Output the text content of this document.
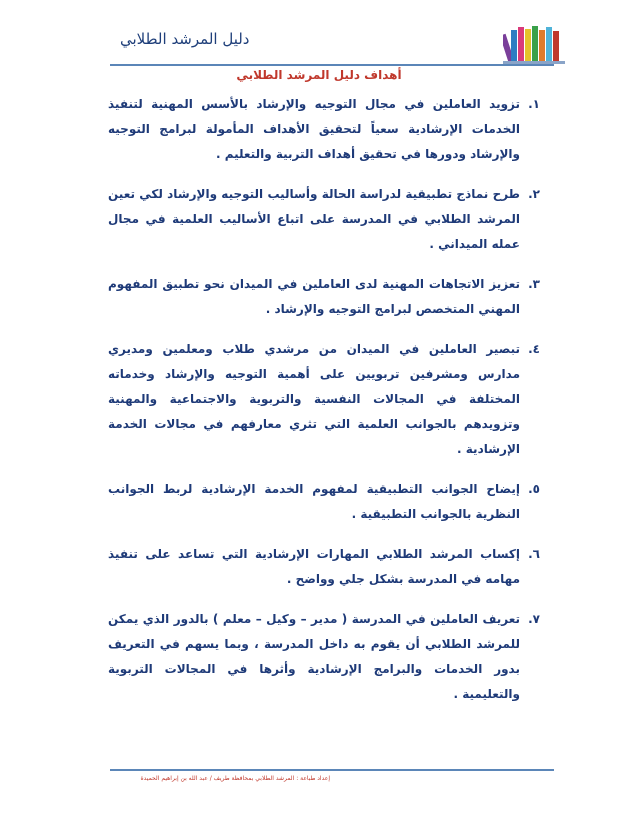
دليل المرشد الطلابي
أهداف دليل المرشد الطلابي
١.
تزويد العاملين في مجال التوجيه والإرشاد بالأسس المهنية لتنفيذ الخدمات الإرشادية سعياً لتحقيق الأهداف المأمولة لبرامج التوجيه والإرشاد ودورها في تحقيق أهداف التربية والتعليم .
٢.
طرح نماذج تطبيقية لدراسة الحالة وأساليب التوجيه والإرشاد لكي تعين المرشد الطلابي في المدرسة على اتباع الأساليب العلمية في مجال عمله الميداني .
٣.
تعزيز الاتجاهات المهنية لدى العاملين في الميدان نحو تطبيق المفهوم المهني المتخصص لبرامج التوجيه والإرشاد .
٤.
تبصير العاملين في الميدان من مرشدي طلاب ومعلمين ومديري مدارس ومشرفين تربويين على أهمية التوجيه والإرشاد وخدماته المختلفة في المجالات النفسية والتربوية والاجتماعية والمهنية وتزويدهم بالجوانب العلمية التي تثري معارفهم في مجالات الخدمة الإرشادية .
٥.
إيضاح الجوانب التطبيقية لمفهوم الخدمة الإرشادية لربط الجوانب النظرية بالجوانب التطبيقية .
٦.
إكساب المرشد الطلابي المهارات الإرشادية التي تساعد على تنفيذ مهامه في المدرسة بشكل جلي وواضح .
٧.
تعريف العاملين في المدرسة ( مدير – وكيل – معلم ) بالدور الذي يمكن للمرشد الطلابي أن يقوم به داخل المدرسة ، وبما يسهم في التعريف بدور الخدمات والبرامج الإرشادية وأثرها في المجالات التربوية والتعليمية .
إعداد طباعة : المرشد الطلابي بمحافظة طريف / عبد الله بن إبراهيم الحميدة
